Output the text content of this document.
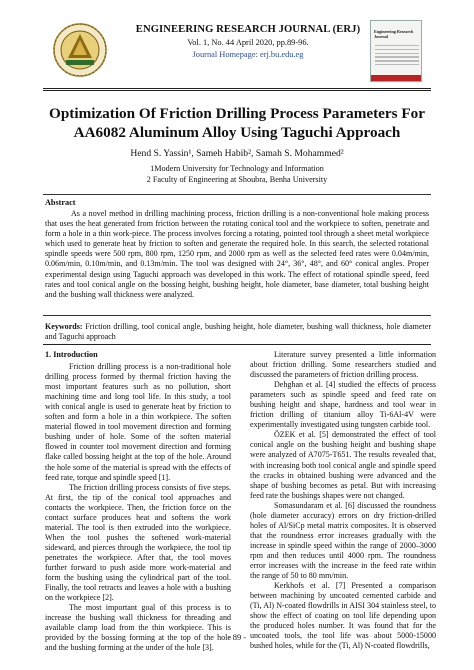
ENGINEERING RESEARCH JOURNAL (ERJ)
Vol. 1, No. 44 April 2020, pp.89-96.
Journal Homepage: erj.bu.edu.eg
Engineering Research Journal
Optimization Of Friction Drilling Process Parameters For AA6082 Aluminum Alloy Using Taguchi Approach
Hend S. Yassin¹, Sameh Habib², Samah S. Mohammed²
1Modern University for Technology and Information
2 Faculty of Engineering at Shoubra, Benha University
Abstract
As a novel method in drilling machining process, friction drilling is a non-conventional hole making process that uses the heat generated from friction between the rotating conical tool and the workpiece to soften, penetrate and form a hole in a thin work-piece. The process involves forcing a rotating, pointed tool through a sheet metal workpiece which used to generate heat by friction to soften and generate the required hole. In this search, the selected rotational spindle speeds were 500 rpm, 800 rpm, 1250 rpm, and 2000 rpm as well as the selected feed rates were 0.04m/min, 0.06m/min, 0.10m/min, and 0.13m/min. The tool was designed with 24°, 36°, 48°, and 60° conical angles. Proper experimental design using Taguchi approach was developed in this work. The effect of rotational spindle speed, feed rates and tool conical angle on the bossing height, bushing height, hole diameter, base diameter, total bushing height and the bushing wall thickness were analyzed.
Keywords: Friction drilling, tool conical angle, bushing height, hole diameter, bushing wall thickness, hole diameter and Taguchi approach
1. Introduction

Friction drilling process is a non-traditional hole drilling process formed by thermal friction having the most important features such as no pollution, short machining time and long tool life. In this study, a tool with conical angle is used to generate heat by friction to soften and form a hole in a thin workpiece. The soften material flowed in tool movement direction and forming bushing under of hole. Some of the soften material flowed in counter tool movement direction and forming flake called bossing height at the top of the hole. Around the hole some of the material is spread with the effects of feed rate, torque and spindle speed [1].

The friction drilling process consists of five steps. At first, the tip of the conical tool approaches and contacts the workpiece. Then, the friction force on the contact surface produces heat and softens the work material. The tool is then extruded into the workpiece. When the tool pushes the softened work-material sideward, and pierces through the workpiece, the tool tip penetrates the workpiece. After that, the tool moves further forward to push aside more work-material and form the bushing using the cylindrical part of the tool. Finally, the tool retracts and leaves a hole with a bushing on the workpiece [2].

The most important goal of this process is to increase the bushing wall thickness for threading and available clamp load from the thin workpiece. This is provided by the bossing forming at the top of the hole and the bushing forming at the under of the hole [3].

Literature survey presented a little information about friction drilling. Some researchers studied and discussed the parameters of friction drilling process.

Dehghan et al. [4] studied the effects of process parameters such as spindle speed and feed rate on bushing height and shape, hardness and tool wear in friction drilling of titanium alloy Ti-6Al-4V were experimentally investigated using tungsten carbide tool.

ÖZEK et al. [5] demonstrated the effect of tool conical angle on the bushing height and bushing shape were analyzed of A7075-T651. The results revealed that, with increasing both tool conical angle and spindle speed the cracks in obtained bushing were advanced and the shape of bushing becomes as petal. But with increasing feed rate the bushings shapes were not changed.

Somasundaram et al. [6] discussed the roundness (hole diameter accuracy) errors on dry friction-drilled holes of Al/SiCp metal matrix composites. It is observed that the roundness error increases gradually with the increase in spindle speed within the range of 2000–3000 rpm and then reduces until 4000 rpm. The roundness error increases with the increase in the feed rate within the range of 50 to 80 mm/min.

Kerkhofs et al. [7] Presented a comparison between machining by uncoated cemented carbide and (Ti, Al) N-coated flowdrills in AISI 304 stainless steel, to show the effect of coating on tool life depending upon the produced holes number. It was found that for the uncoated tools, the tool life was about 5000-15000 bushed holes, while for the (Ti, Al) N-coated flowdrills,

- 89 -
